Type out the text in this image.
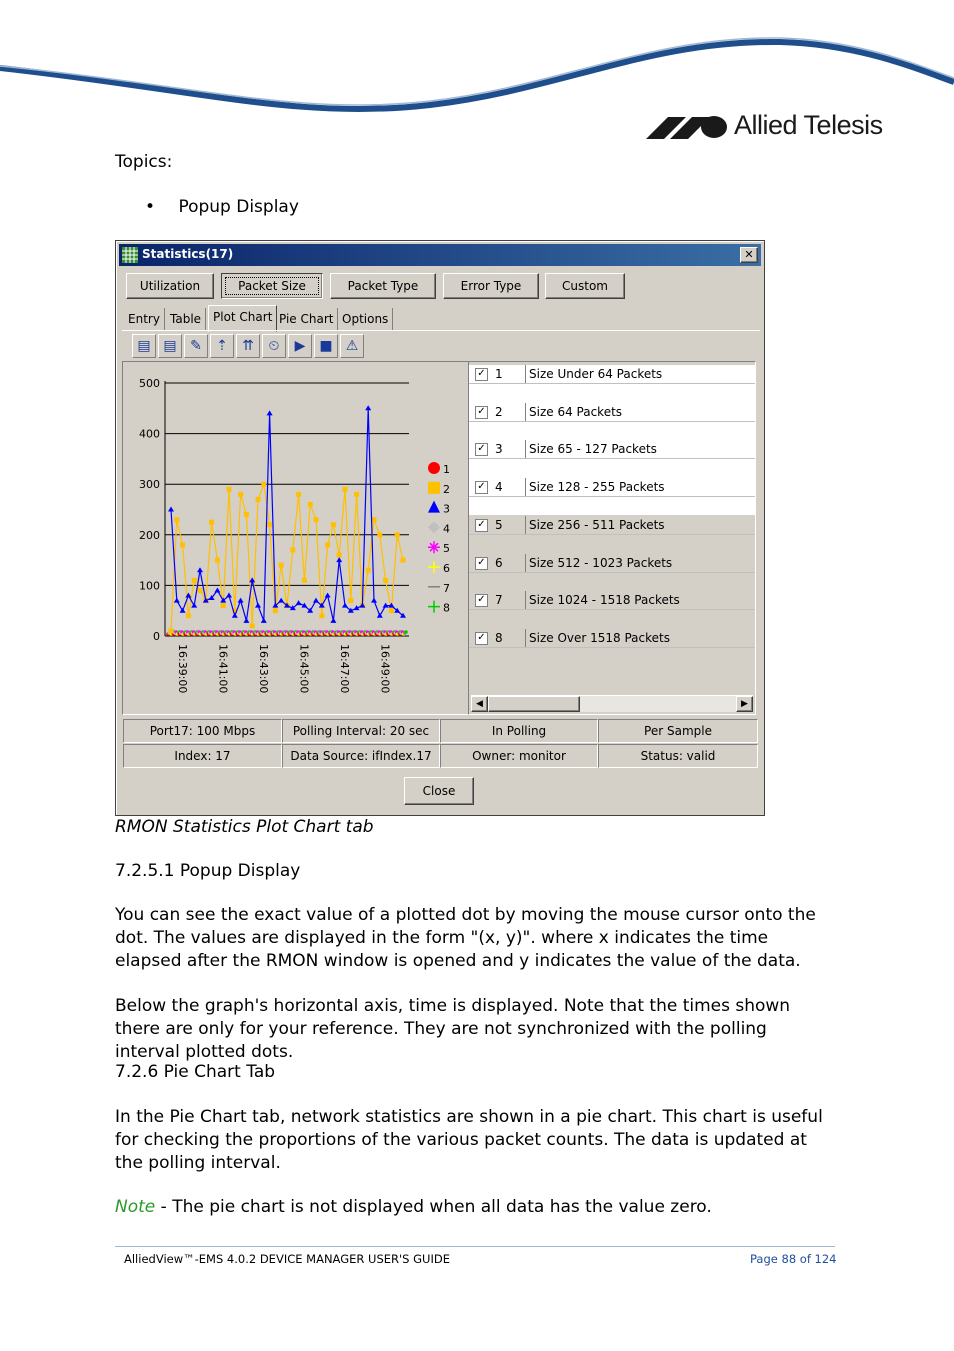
Allied Telesis
Topics:
• Popup Display
Statistics(17)	✕
Utilization	Packet Size	Packet Type	Error Type	Custom
Entry Table Plot Chart Pie Chart Options
▤ ▤ ✎	⇡	⇈	⏲	▶ ■ ⚠
500
400
300
200
100
0
16:39:00	16:41:00	16:43:00	16:45:00	16:47:00	16:49:00
1
2
3
4
5
6
7
8
✓ 1 Size Under 64 Packets
✓ 2 Size 64 Packets
✓ 3 Size 65 - 127 Packets
✓ 4 Size 128 - 255 Packets
✓ 5 Size 256 - 511 Packets
✓ 6 Size 512 - 1023 Packets
✓ 7 Size 1024 - 1518 Packets
✓ 8 Size Over 1518 Packets
◀	▶
Port17: 100 Mbps	Polling Interval: 20 sec	In Polling	Per Sample
Index: 17	Data Source: ifIndex.17	Owner: monitor	Status: valid
Close
RMON Statistics Plot Chart tab
7.2.5.1 Popup Display
You can see the exact value of a plotted dot by moving the mouse cursor onto the dot. The values are displayed in the form "(x, y)". where x indicates the time elapsed after the RMON window is opened and y indicates the value of the data.
Below the graph's horizontal axis, time is displayed. Note that the times shown there are only for your reference. They are not synchronized with the polling interval plotted dots.
7.2.6 Pie Chart Tab
In the Pie Chart tab, network statistics are shown in a pie chart. This chart is useful for checking the proportions of the various packet counts. The data is updated at the polling interval.
Note - The pie chart is not displayed when all data has the value zero.
AlliedView™-EMS 4.0.2 DEVICE MANAGER USER'S GUIDE	Page 88 of 124
